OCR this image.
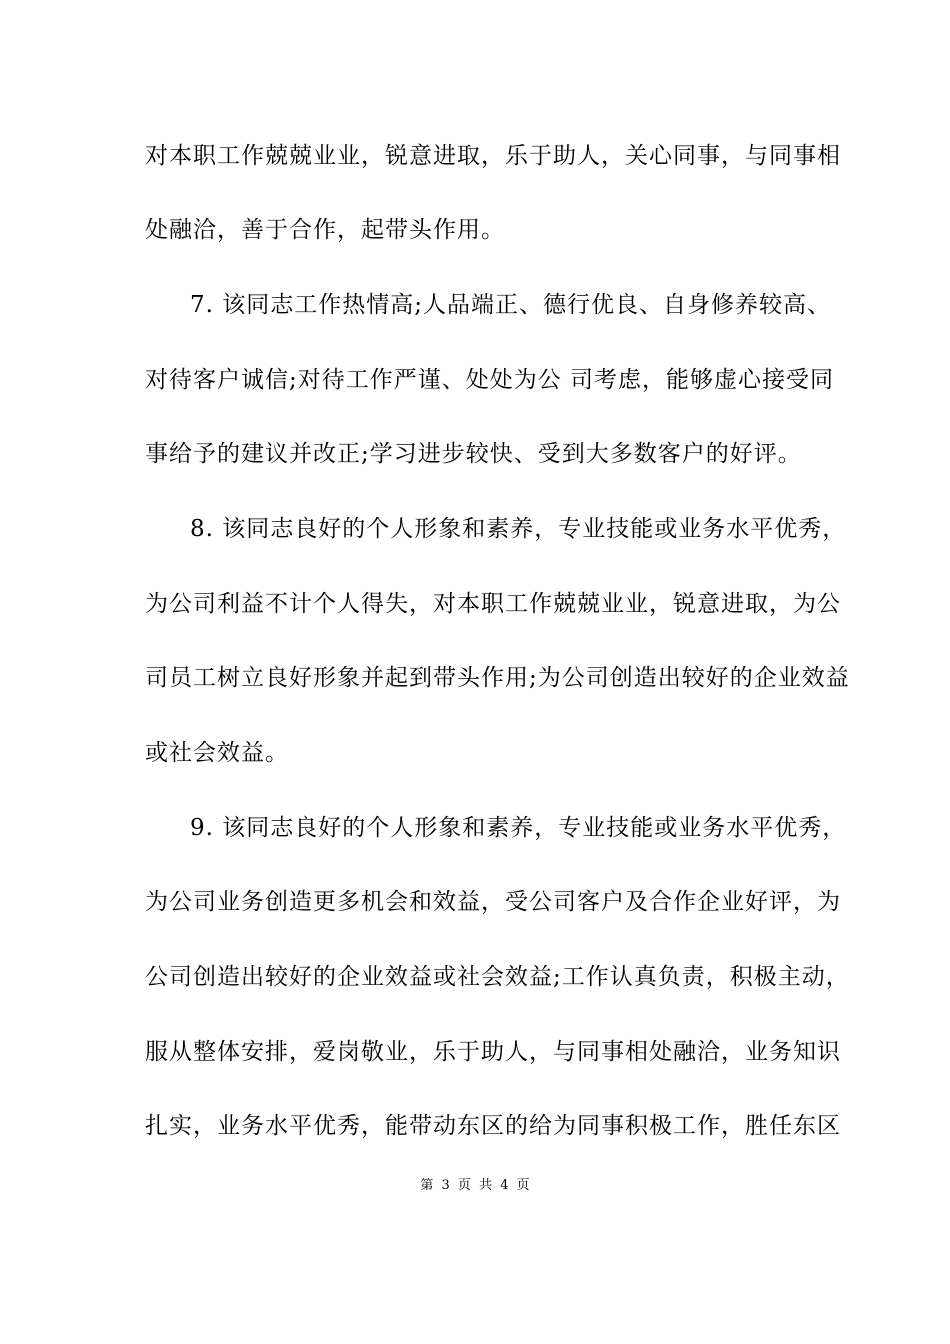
对本职工作兢兢业业，锐意进取，乐于助人，关心同事，与同事相
处融洽，善于合作，起带头作用。
7. 该同志工作热情高;人品端正、德行优良、自身修养较高、
对待客户诚信;对待工作严谨、处处为公 司考虑，能够虚心接受同
事给予的建议并改正;学习进步较快、受到大多数客户的好评。
8. 该同志良好的个人形象和素养，专业技能或业务水平优秀，
为公司利益不计个人得失，对本职工作兢兢业业，锐意进取，为公
司员工树立良好形象并起到带头作用;为公司创造出较好的企业效益
或社会效益。
9. 该同志良好的个人形象和素养，专业技能或业务水平优秀，
为公司业务创造更多机会和效益，受公司客户及合作企业好评，为
公司创造出较好的企业效益或社会效益;工作认真负责，积极主动，
服从整体安排，爱岗敬业，乐于助人，与同事相处融洽，业务知识
扎实，业务水平优秀，能带动东区的给为同事积极工作，胜任东区
第 3 页 共 4 页
